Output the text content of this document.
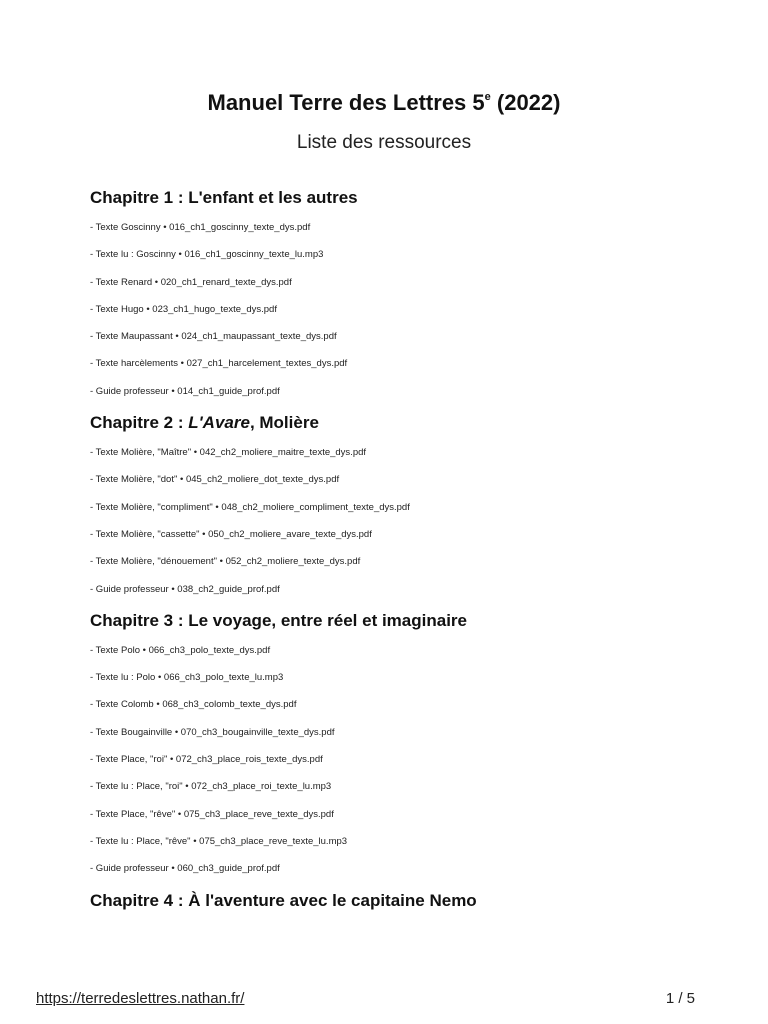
Manuel Terre des Lettres 5e (2022)
Liste des ressources
Chapitre 1 : L'enfant et les autres
- Texte Goscinny • 016_ch1_goscinny_texte_dys.pdf
- Texte lu : Goscinny • 016_ch1_goscinny_texte_lu.mp3
- Texte Renard • 020_ch1_renard_texte_dys.pdf
- Texte Hugo • 023_ch1_hugo_texte_dys.pdf
- Texte Maupassant • 024_ch1_maupassant_texte_dys.pdf
- Texte harcèlements • 027_ch1_harcelement_textes_dys.pdf
- Guide professeur • 014_ch1_guide_prof.pdf
Chapitre 2 : L'Avare, Molière
- Texte Molière, "Maître" • 042_ch2_moliere_maitre_texte_dys.pdf
- Texte Molière, "dot" • 045_ch2_moliere_dot_texte_dys.pdf
- Texte Molière, "compliment" • 048_ch2_moliere_compliment_texte_dys.pdf
- Texte Molière, "cassette" • 050_ch2_moliere_avare_texte_dys.pdf
- Texte Molière, "dénouement" • 052_ch2_moliere_texte_dys.pdf
- Guide professeur • 038_ch2_guide_prof.pdf
Chapitre 3 : Le voyage, entre réel et imaginaire
- Texte Polo • 066_ch3_polo_texte_dys.pdf
- Texte lu : Polo • 066_ch3_polo_texte_lu.mp3
- Texte Colomb • 068_ch3_colomb_texte_dys.pdf
- Texte Bougainville • 070_ch3_bougainville_texte_dys.pdf
- Texte Place, "roi" • 072_ch3_place_rois_texte_dys.pdf
- Texte lu : Place, "roi" • 072_ch3_place_roi_texte_lu.mp3
- Texte Place, "rêve" • 075_ch3_place_reve_texte_dys.pdf
- Texte lu : Place, "rêve" • 075_ch3_place_reve_texte_lu.mp3
- Guide professeur • 060_ch3_guide_prof.pdf
Chapitre 4 : À l'aventure avec le capitaine Nemo
https://terredeslettres.nathan.fr/	1 / 5
